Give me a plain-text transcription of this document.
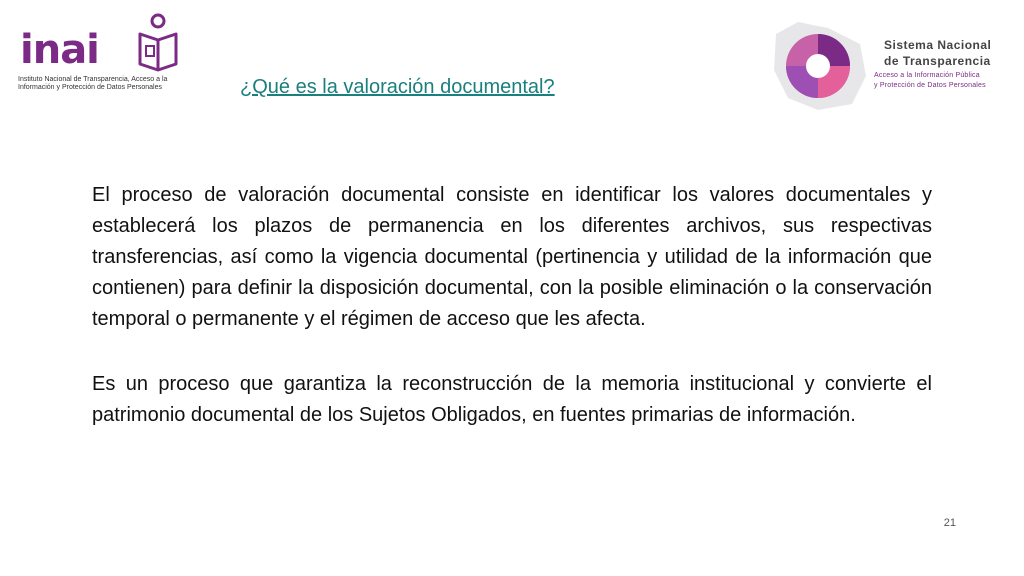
inai
Instituto Nacional de Transparencia, Acceso a la
Información y Protección de Datos Personales	¿Qué es la valoración documental?
Sistema Nacional
de Transparencia
Acceso a la Información Pública
y Protección de Datos Personales

El proceso de valoración documental consiste en identificar los valores documentales y establecerá los plazos de permanencia en los diferentes archivos, sus respectivas transferencias, así como la vigencia documental (pertinencia y utilidad de la información que contienen) para definir la disposición documental, con la posible eliminación o la conservación temporal o permanente y el régimen de acceso que les afecta.

Es un proceso que garantiza la reconstrucción de la memoria institucional y convierte el patrimonio documental de los Sujetos Obligados, en fuentes primarias de información.

21
